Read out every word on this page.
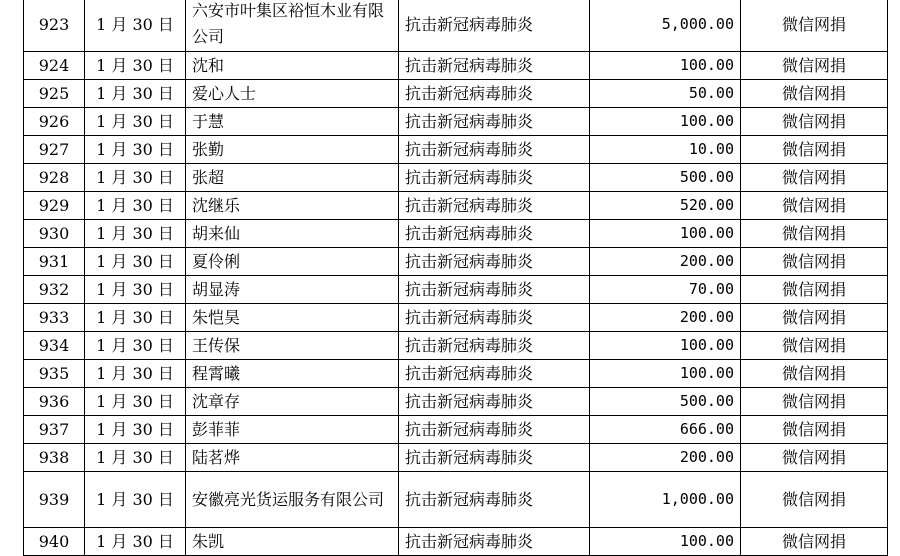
923	1 月 30 日	六安市叶集区裕恒木业有限公司	抗击新冠病毒肺炎	5,000.00	微信网捐
924	1 月 30 日	沈和	抗击新冠病毒肺炎	100.00	微信网捐
925	1 月 30 日	爱心人士	抗击新冠病毒肺炎	50.00	微信网捐
926	1 月 30 日	于慧	抗击新冠病毒肺炎	100.00	微信网捐
927	1 月 30 日	张勤	抗击新冠病毒肺炎	10.00	微信网捐
928	1 月 30 日	张超	抗击新冠病毒肺炎	500.00	微信网捐
929	1 月 30 日	沈继乐	抗击新冠病毒肺炎	520.00	微信网捐
930	1 月 30 日	胡来仙	抗击新冠病毒肺炎	100.00	微信网捐
931	1 月 30 日	夏伶俐	抗击新冠病毒肺炎	200.00	微信网捐
932	1 月 30 日	胡显涛	抗击新冠病毒肺炎	70.00	微信网捐
933	1 月 30 日	朱恺昊	抗击新冠病毒肺炎	200.00	微信网捐
934	1 月 30 日	王传保	抗击新冠病毒肺炎	100.00	微信网捐
935	1 月 30 日	程霄曦	抗击新冠病毒肺炎	100.00	微信网捐
936	1 月 30 日	沈章存	抗击新冠病毒肺炎	500.00	微信网捐
937	1 月 30 日	彭菲菲	抗击新冠病毒肺炎	666.00	微信网捐
938	1 月 30 日	陆茗烨	抗击新冠病毒肺炎	200.00	微信网捐
939	1 月 30 日	安徽亮光货运服务有限公司	抗击新冠病毒肺炎	1,000.00	微信网捐
940	1 月 30 日	朱凯	抗击新冠病毒肺炎	100.00	微信网捐
